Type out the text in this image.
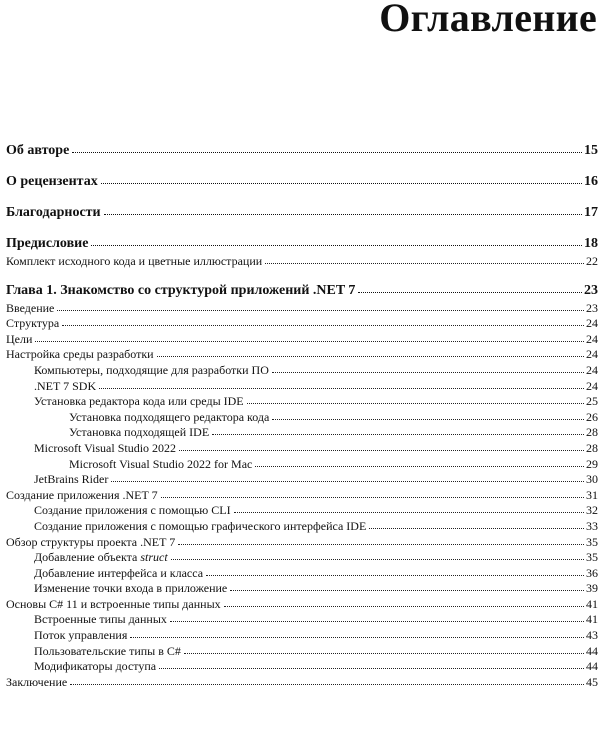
Оглавление
Об авторе	15
О рецензентах	16
Благодарности	17
Предисловие	18
Комплект исходного кода и цветные иллюстрации	22
Глава 1. Знакомство со структурой приложений .NET 7	23
Введение	23
Структура	24
Цели	24
Настройка среды разработки	24
Компьютеры, подходящие для разработки ПО	24
.NET 7 SDK	24
Установка редактора кода или среды IDE	25
Установка подходящего редактора кода	26
Установка подходящей IDE	28
Microsoft Visual Studio 2022	28
Microsoft Visual Studio 2022 for Mac	29
JetBrains Rider	30
Создание приложения .NET 7	31
Создание приложения с помощью CLI	32
Создание приложения с помощью графического интерфейса IDE	33
Обзор структуры проекта .NET 7	35
Добавление объекта struct	35
Добавление интерфейса и класса	36
Изменение точки входа в приложение	39
Основы C# 11 и встроенные типы данных	41
Встроенные типы данных	41
Поток управления	43
Пользовательские типы в C#	44
Модификаторы доступа	44
Заключение	45
